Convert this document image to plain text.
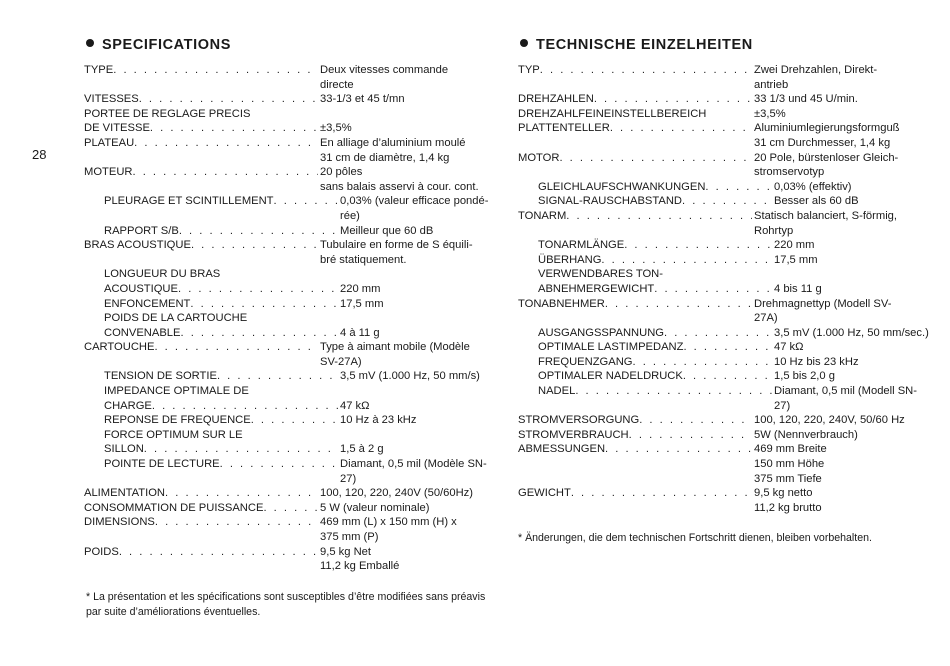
28
SPECIFICATIONS
TYPE . . .	Deux vitesses commande
directe
VITESSES . . .	33-1/3 et 45 t/mn
PORTEE DE REGLAGE PRECIS
DE VITESSE . . .	±3,5%
PLATEAU . . .	En alliage d’aluminium moulé
31 cm de diamètre, 1,4 kg
MOTEUR . . .	20 pôles
sans balais asservi à cour. cont.
PLEURAGE ET SCINTILLEMENT . . .	0,03% (valeur efficace pondé-
rée)
RAPPORT S/B . . .	Meilleur que 60 dB
BRAS ACOUSTIQUE . . .	Tubulaire en forme de S équili-
bré statiquement.
LONGUEUR DU BRAS
ACOUSTIQUE . . .	220 mm
ENFONCEMENT . . .	17,5 mm
POIDS DE LA CARTOUCHE
CONVENABLE . . .	4 à 11 g
CARTOUCHE . . .	Type à aimant mobile (Modèle
SV-27A)
TENSION DE SORTIE . . .	3,5 mV (1.000 Hz, 50 mm/s)
IMPEDANCE OPTIMALE DE
CHARGE . . .	47 kΩ
REPONSE DE FREQUENCE . . .	10 Hz à 23 kHz
FORCE OPTIMUM SUR LE
SILLON . . .	1,5 à 2 g
POINTE DE LECTURE . . .	Diamant, 0,5 mil (Modèle SN-
27)
ALIMENTATION . . .	100, 120, 220, 240V (50/60Hz)
CONSOMMATION DE PUISSANCE . . .	5 W (valeur nominale)
DIMENSIONS . . .	469 mm (L) x 150 mm (H) x
375 mm (P)
POIDS . . .	9,5 kg Net
11,2 kg Emballé
* La présentation et les spécifications sont susceptibles d’être modifiées sans préavis par suite d’améliorations éventuelles.
TECHNISCHE EINZELHEITEN
TYP . . .	Zwei Drehzahlen, Direkt-
antrieb
DREHZAHLEN . . .	33 1/3 und 45 U/min.
DREHZAHLFEINEINSTELLBEREICH	±3,5%
PLATTENTELLER . . .	Aluminiumlegierungsformguß
31 cm Durchmesser, 1,4 kg
MOTOR . . .	20 Pole, bürstenloser Gleich-
stromservotyp
GLEICHLAUFSCHWANKUNGEN . . .	0,03% (effektiv)
SIGNAL-RAUSCHABSTAND . . .	Besser als 60 dB
TONARM . . .	Statisch balanciert, S-förmig,
Rohrtyp
TONARMLÄNGE . . .	220 mm
ÜBERHANG . . .	17,5 mm
VERWENDBARES TON-
ABNEHMERGEWICHT . . .	4 bis 11 g
TONABNEHMER . . .	Drehmagnettyp (Modell SV-
27A)
AUSGANGSSPANNUNG . . .	3,5 mV (1.000 Hz, 50 mm/sec.)
OPTIMALE LASTIMPEDANZ . . .	47 kΩ
FREQUENZGANG . . .	10 Hz bis 23 kHz
OPTIMALER NADELDRUCK . . .	1,5 bis 2,0 g
NADEL . . .	Diamant, 0,5 mil (Modell SN-
27)
STROMVERSORGUNG . . .	100, 120, 220, 240V, 50/60 Hz
STROMVERBRAUCH . . .	5W (Nennverbrauch)
ABMESSUNGEN . . .	469 mm Breite
150 mm Höhe
375 mm Tiefe
GEWICHT . . .	9,5 kg netto
11,2 kg brutto
* Änderungen, die dem technischen Fortschritt dienen, bleiben vorbehalten.
